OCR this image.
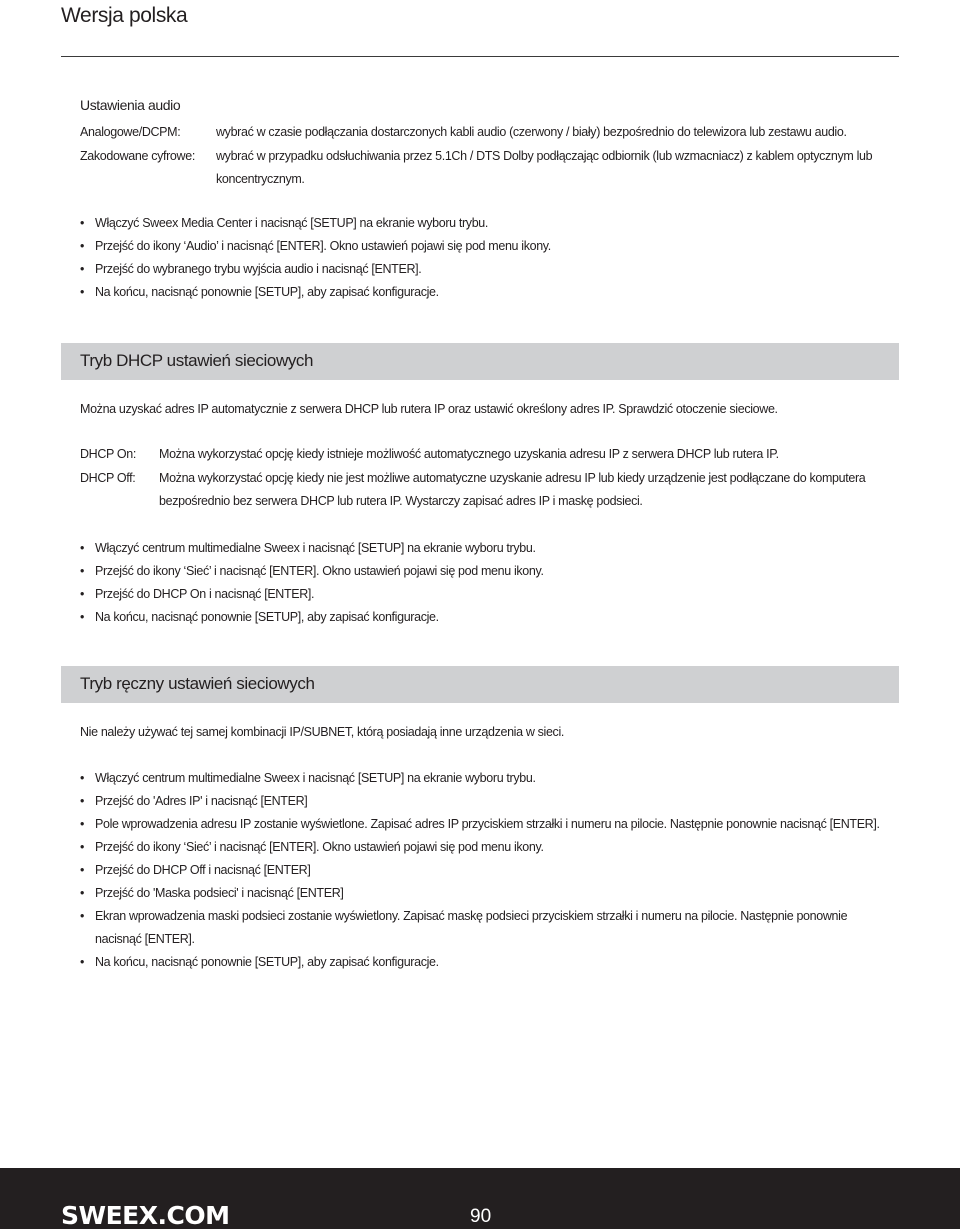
Wersja polska
Ustawienia audio
Analogowe/DCPM:	wybrać w czasie podłączania dostarczonych kabli audio (czerwony / biały) bezpośrednio do telewizora lub zestawu audio.
Zakodowane cyfrowe:	wybrać w przypadku odsłuchiwania przez 5.1Ch / DTS Dolby podłączając odbiornik (lub wzmacniacz) z kablem optycznym lub koncentrycznym.
• Włączyć Sweex Media Center i nacisnąć [SETUP] na ekranie wyboru trybu.
• Przejść do ikony ‘Audio’ i nacisnąć [ENTER]. Okno ustawień pojawi się pod menu ikony.
• Przejść do wybranego trybu wyjścia audio i nacisnąć [ENTER].
• Na końcu, nacisnąć ponownie [SETUP], aby zapisać konfiguracje.
Można uzyskać adres IP automatycznie z serwera DHCP lub rutera IP oraz ustawić określony adres IP. Sprawdzić otoczenie sieciowe.
DHCP On:	Można wykorzystać opcję kiedy istnieje możliwość automatycznego uzyskania adresu IP z serwera DHCP lub rutera IP.
DHCP Off:	Można wykorzystać opcję kiedy nie jest możliwe automatyczne uzyskanie adresu IP lub kiedy urządzenie jest podłączane do komputera bezpośrednio bez serwera DHCP lub rutera IP. Wystarczy zapisać adres IP i maskę podsieci.
• Włączyć centrum multimedialne Sweex i nacisnąć [SETUP] na ekranie wyboru trybu.
• Przejść do ikony ‘Sieć’ i nacisnąć [ENTER]. Okno ustawień pojawi się pod menu ikony.
• Przejść do DHCP On i nacisnąć [ENTER].
• Na końcu, nacisnąć ponownie [SETUP], aby zapisać konfiguracje.
Nie należy używać tej samej kombinacji IP/SUBNET, którą posiadają inne urządzenia w sieci.
• Włączyć centrum multimedialne Sweex i nacisnąć [SETUP] na ekranie wyboru trybu.
• Przejść do 'Adres IP' i nacisnąć [ENTER]
• Pole wprowadzenia adresu IP zostanie wyświetlone. Zapisać adres IP przyciskiem strzałki i numeru na pilocie. Następnie ponownie nacisnąć [ENTER].
• Przejść do ikony ‘Sieć’ i nacisnąć [ENTER]. Okno ustawień pojawi się pod menu ikony.
• Przejść do DHCP Off i nacisnąć [ENTER]
• Przejść do 'Maska podsieci' i nacisnąć [ENTER]
• Ekran wprowadzenia maski podsieci zostanie wyświetlony. Zapisać maskę podsieci przyciskiem strzałki i numeru na pilocie. Następnie ponownie nacisnąć [ENTER].
• Na końcu, nacisnąć ponownie [SETUP], aby zapisać konfiguracje.
Tryb DHCP ustawień sieciowych
Tryb ręczny ustawień sieciowych
SWEEX.COM	90
